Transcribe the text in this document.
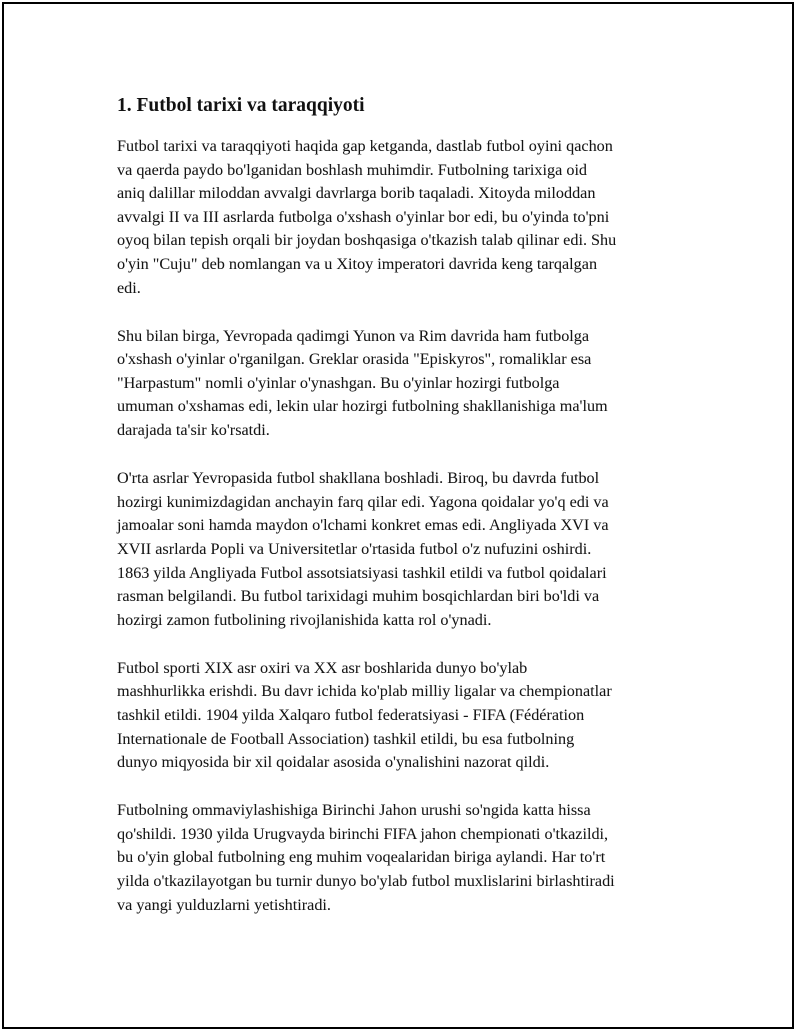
1. Futbol tarixi va taraqqiyoti

Futbol tarixi va taraqqiyoti haqida gap ketganda, dastlab futbol oyini qachon
va qaerda paydo bo'lganidan boshlash muhimdir. Futbolning tarixiga oid
aniq dalillar miloddan avvalgi davrlarga borib taqaladi. Xitoyda miloddan
avvalgi II va III asrlarda futbolga o'xshash o'yinlar bor edi, bu o'yinda to'pni
oyoq bilan tepish orqali bir joydan boshqasiga o'tkazish talab qilinar edi. Shu
o'yin "Cuju" deb nomlangan va u Xitoy imperatori davrida keng tarqalgan
edi.

Shu bilan birga, Yevropada qadimgi Yunon va Rim davrida ham futbolga
o'xshash o'yinlar o'rganilgan. Greklar orasida "Episkyros", romaliklar esa
"Harpastum" nomli o'yinlar o'ynashgan. Bu o'yinlar hozirgi futbolga
umuman o'xshamas edi, lekin ular hozirgi futbolning shakllanishiga ma'lum
darajada ta'sir ko'rsatdi.

O'rta asrlar Yevropasida futbol shakllana boshladi. Biroq, bu davrda futbol
hozirgi kunimizdagidan anchayin farq qilar edi. Yagona qoidalar yo'q edi va
jamoalar soni hamda maydon o'lchami konkret emas edi. Angliyada XVI va
XVII asrlarda Popli va Universitetlar o'rtasida futbol o'z nufuzini oshirdi.
1863 yilda Angliyada Futbol assotsiatsiyasi tashkil etildi va futbol qoidalari
rasman belgilandi. Bu futbol tarixidagi muhim bosqichlardan biri bo'ldi va
hozirgi zamon futbolining rivojlanishida katta rol o'ynadi.

Futbol sporti XIX asr oxiri va XX asr boshlarida dunyo bo'ylab
mashhurlikka erishdi. Bu davr ichida ko'plab milliy ligalar va chempionatlar
tashkil etildi. 1904 yilda Xalqaro futbol federatsiyasi - FIFA (Fédération
Internationale de Football Association) tashkil etildi, bu esa futbolning
dunyo miqyosida bir xil qoidalar asosida o'ynalishini nazorat qildi.

Futbolning ommaviylashishiga Birinchi Jahon urushi so'ngida katta hissa
qo'shildi. 1930 yilda Urugvayda birinchi FIFA jahon chempionati o'tkazildi,
bu o'yin global futbolning eng muhim voqealaridan biriga aylandi. Har to'rt
yilda o'tkazilayotgan bu turnir dunyo bo'ylab futbol muxlislarini birlashtiradi
va yangi yulduzlarni yetishtiradi.
